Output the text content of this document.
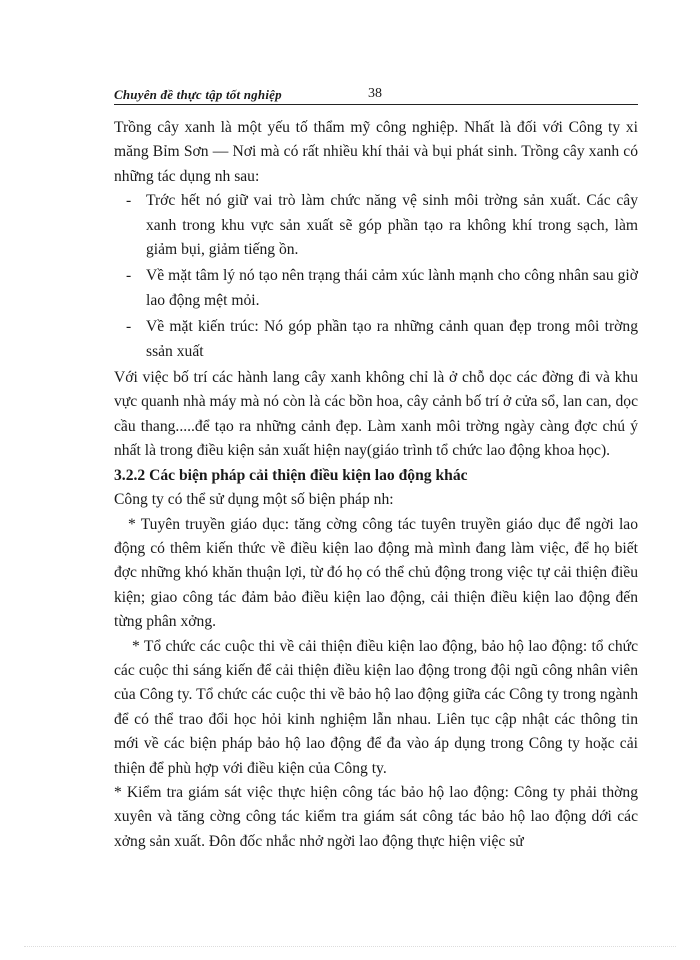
Chuyên đề thực tập tốt nghiệp	38

Trồng cây xanh là một yếu tố thẩm mỹ công nghiệp. Nhất là đối với Công ty xi măng Bỉm Sơn — Nơi mà có rất nhiều khí thải và bụi phát sinh. Trồng cây xanh có những tác dụng nh sau:

- Trớc hết nó giữ vai trò làm chức năng vệ sinh môi trờng sản xuất. Các cây xanh trong khu vực sản xuất sẽ góp phần tạo ra không khí trong sạch, làm giảm bụi, giảm tiếng ồn.
- Về mặt tâm lý nó tạo nên trạng thái cảm xúc lành mạnh cho công nhân sau giờ lao động mệt mỏi.
- Về mặt kiến trúc: Nó góp phần tạo ra những cảnh quan đẹp trong môi trờng ssản xuất

Với việc bố trí các hành lang cây xanh không chỉ là ở chỗ dọc các đờng đi và khu vực quanh nhà máy mà nó còn là các bồn hoa, cây cảnh bố trí ở cửa sổ, lan can, dọc cầu thang.....để tạo ra những cảnh đẹp. Làm xanh môi trờng ngày càng đợc chú ý nhất là trong điều kiện sản xuất hiện nay(giáo trình tổ chức lao động khoa học).

3.2.2 Các biện pháp cải thiện điều kiện lao động khác

Công ty có thể sử dụng một số biện pháp nh:

* Tuyên truyền giáo dục: tăng cờng công tác tuyên truyền giáo dục để ngời lao động có thêm kiến thức về điều kiện lao động mà mình đang làm việc, để họ biết đợc những khó khăn thuận lợi, từ đó họ có thể chủ động trong việc tự cải thiện điều kiện; giao công tác đảm bảo điều kiện lao động, cải thiện điều kiện lao động đến từng phân xởng.

* Tổ chức các cuộc thi về cải thiện điều kiện lao động, bảo hộ lao động: tổ chức các cuộc thi sáng kiến để cải thiện điều kiện lao động trong đội ngũ công nhân viên của Công ty. Tổ chức các cuộc thi về bảo hộ lao động giữa các Công ty trong ngành để có thể trao đổi học hỏi kinh nghiệm lẫn nhau. Liên tục cập nhật các thông tin mới về các biện pháp bảo hộ lao động để đa vào áp dụng trong Công ty hoặc cải thiện để phù hợp với điều kiện của Công ty.

* Kiểm tra giám sát việc thực hiện công tác bảo hộ lao động: Công ty phải thờng xuyên và tăng cờng công tác kiểm tra giám sát công tác bảo hộ lao động dới các xởng sản xuất. Đôn đốc nhắc nhở ngời lao động thực hiện việc sử
